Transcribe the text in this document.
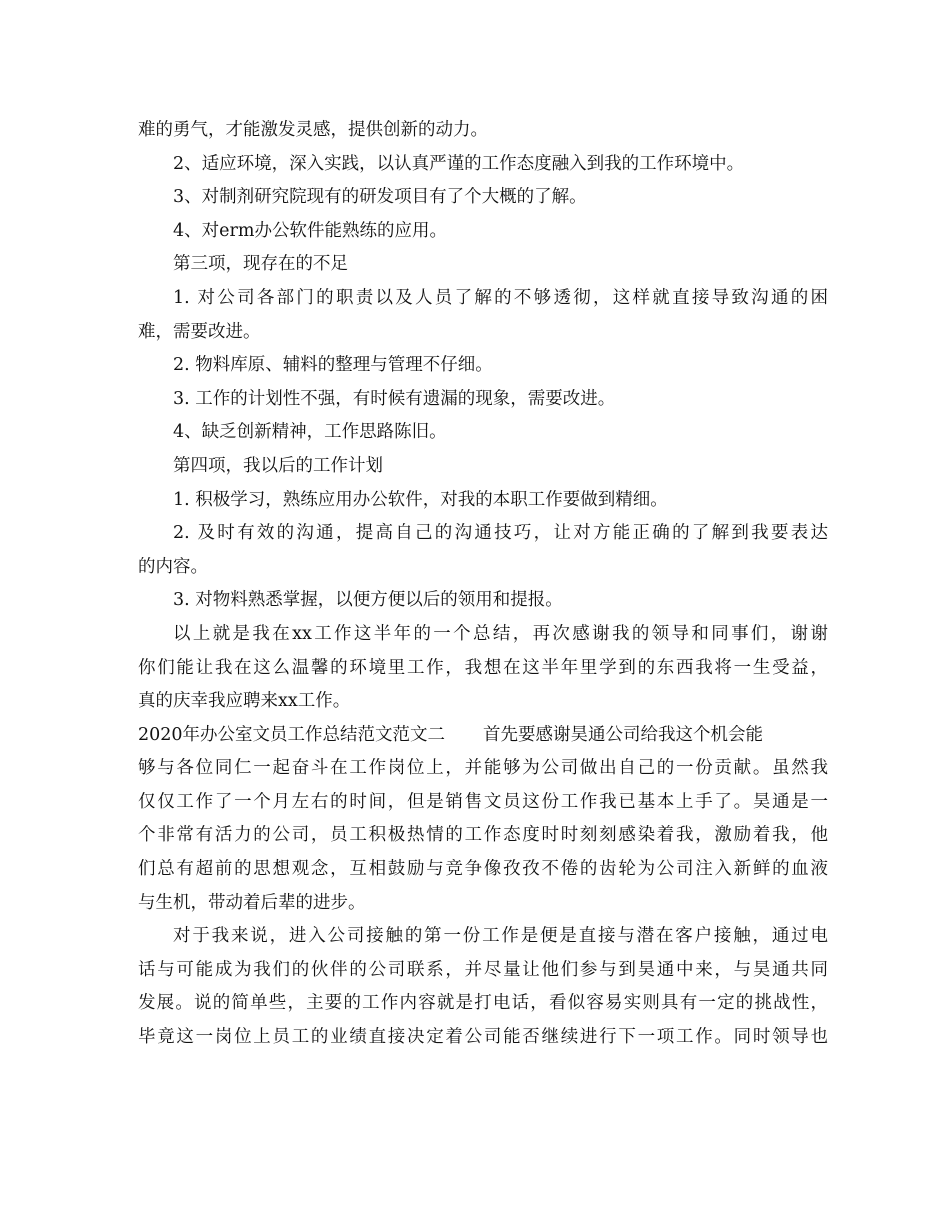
难的勇气，才能激发灵感，提供创新的动力。
2、适应环境，深入实践，以认真严谨的工作态度融入到我的工作环境中。
3、对制剂研究院现有的研发项目有了个大概的了解。
4、对erm办公软件能熟练的应用。
第三项，现存在的不足
1. 对公司各部门的职责以及人员了解的不够透彻，这样就直接导致沟通的困
难，需要改进。
2. 物料库原、辅料的整理与管理不仔细。
3. 工作的计划性不强，有时候有遗漏的现象，需要改进。
4、缺乏创新精神，工作思路陈旧。
第四项，我以后的工作计划
1. 积极学习，熟练应用办公软件，对我的本职工作要做到精细。
2. 及时有效的沟通，提高自己的沟通技巧，让对方能正确的了解到我要表达
的内容。
3. 对物料熟悉掌握，以便方便以后的领用和提报。
以上就是我在xx工作这半年的一个总结，再次感谢我的领导和同事们，谢谢
你们能让我在这么温馨的环境里工作，我想在这半年里学到的东西我将一生受益，
真的庆幸我应聘来xx工作。
2020年办公室文员工作总结范文范文二 首先要感谢昊通公司给我这个机会能
够与各位同仁一起奋斗在工作岗位上，并能够为公司做出自己的一份贡献。虽然我
仅仅工作了一个月左右的时间，但是销售文员这份工作我已基本上手了。昊通是一
个非常有活力的公司，员工积极热情的工作态度时时刻刻感染着我，激励着我，他
们总有超前的思想观念，互相鼓励与竞争像孜孜不倦的齿轮为公司注入新鲜的血液
与生机，带动着后辈的进步。
对于我来说，进入公司接触的第一份工作是便是直接与潜在客户接触，通过电
话与可能成为我们的伙伴的公司联系，并尽量让他们参与到昊通中来，与昊通共同
发展。说的简单些，主要的工作内容就是打电话，看似容易实则具有一定的挑战性，
毕竟这一岗位上员工的业绩直接决定着公司能否继续进行下一项工作。同时领导也
